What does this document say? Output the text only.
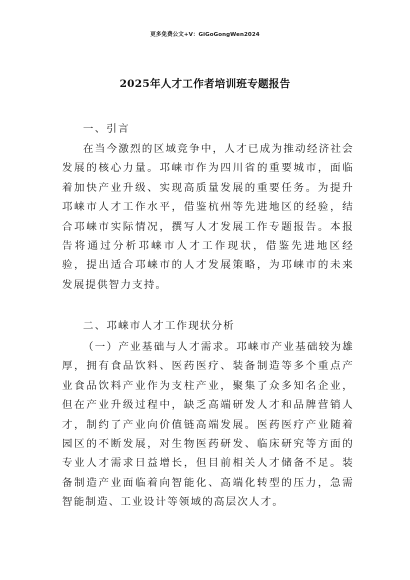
更多免费公文+V：GiGoGongWen2024
2025年人才工作者培训班专题报告
一、引言
在当今激烈的区域竞争中，人才已成为推动经济社会发展的核心力量。邛崃市作为四川省的重要城市，面临着加快产业升级、实现高质量发展的重要任务。为提升邛崃市人才工作水平，借鉴杭州等先进地区的经验，结合邛崃市实际情况，撰写人才发展工作专题报告。本报告将通过分析邛崃市人才工作现状，借鉴先进地区经验，提出适合邛崃市的人才发展策略，为邛崃市的未来发展提供智力支持。
二、邛崃市人才工作现状分析
（一）产业基础与人才需求。邛崃市产业基础较为雄厚，拥有食品饮料、医药医疗、装备制造等多个重点产业食品饮料产业作为支柱产业，聚集了众多知名企业，但在产业升级过程中，缺乏高端研发人才和品牌营销人才，制约了产业向价值链高端发展。医药医疗产业随着园区的不断发展，对生物医药研发、临床研究等方面的专业人才需求日益增长，但目前相关人才储备不足。装备制造产业面临着向智能化、高端化转型的压力，急需智能制造、工业设计等领域的高层次人才。
